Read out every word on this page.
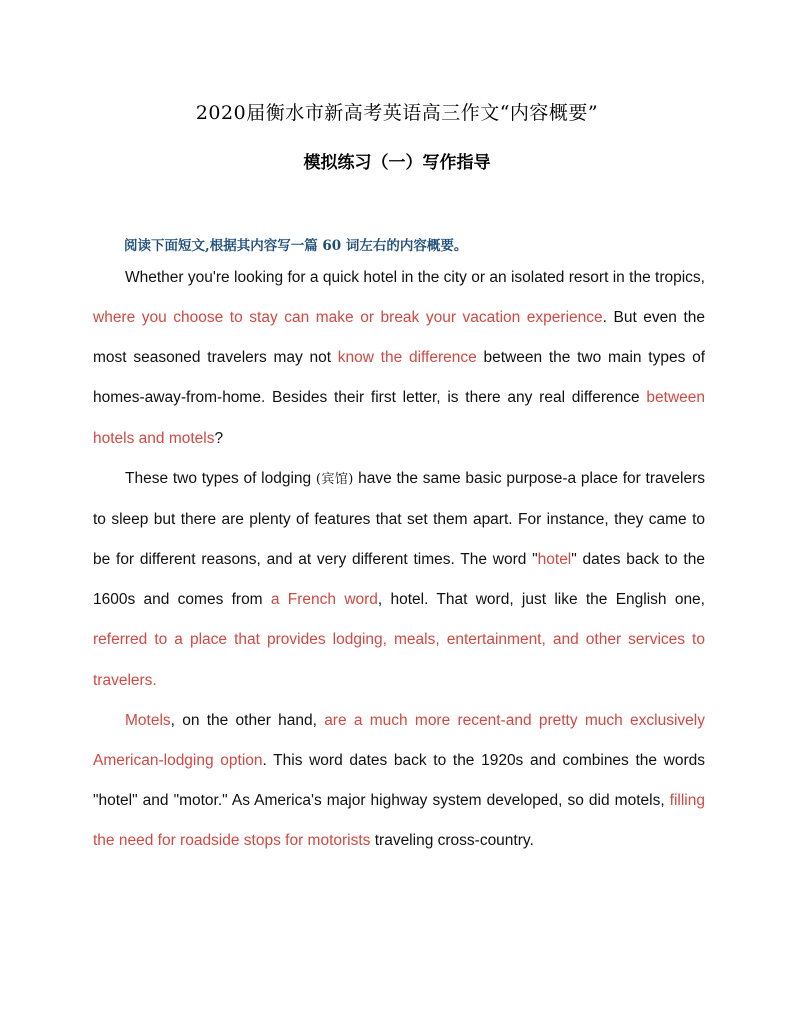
2020届衡水市新高考英语高三作文“内容概要”
模拟练习（一）写作指导
阅读下面短文,根据其内容写一篇 60 词左右的内容概要。

Whether you're looking for a quick hotel in the city or an isolated resort in the tropics, where you choose to stay can make or break your vacation experience. But even the most seasoned travelers may not know the difference between the two main types of homes-away-from-home. Besides their first letter, is there any real difference between hotels and motels?

These two types of lodging (宾馆) have the same basic purpose-a place for travelers to sleep but there are plenty of features that set them apart. For instance, they came to be for different reasons, and at very different times. The word "hotel" dates back to the 1600s and comes from a French word, hotel. That word, just like the English one, referred to a place that provides lodging, meals, entertainment, and other services to travelers.

Motels, on the other hand, are a much more recent-and pretty much exclusively American-lodging option. This word dates back to the 1920s and combines the words "hotel" and "motor." As America's major highway system developed, so did motels, filling the need for roadside stops for motorists traveling cross-country.
